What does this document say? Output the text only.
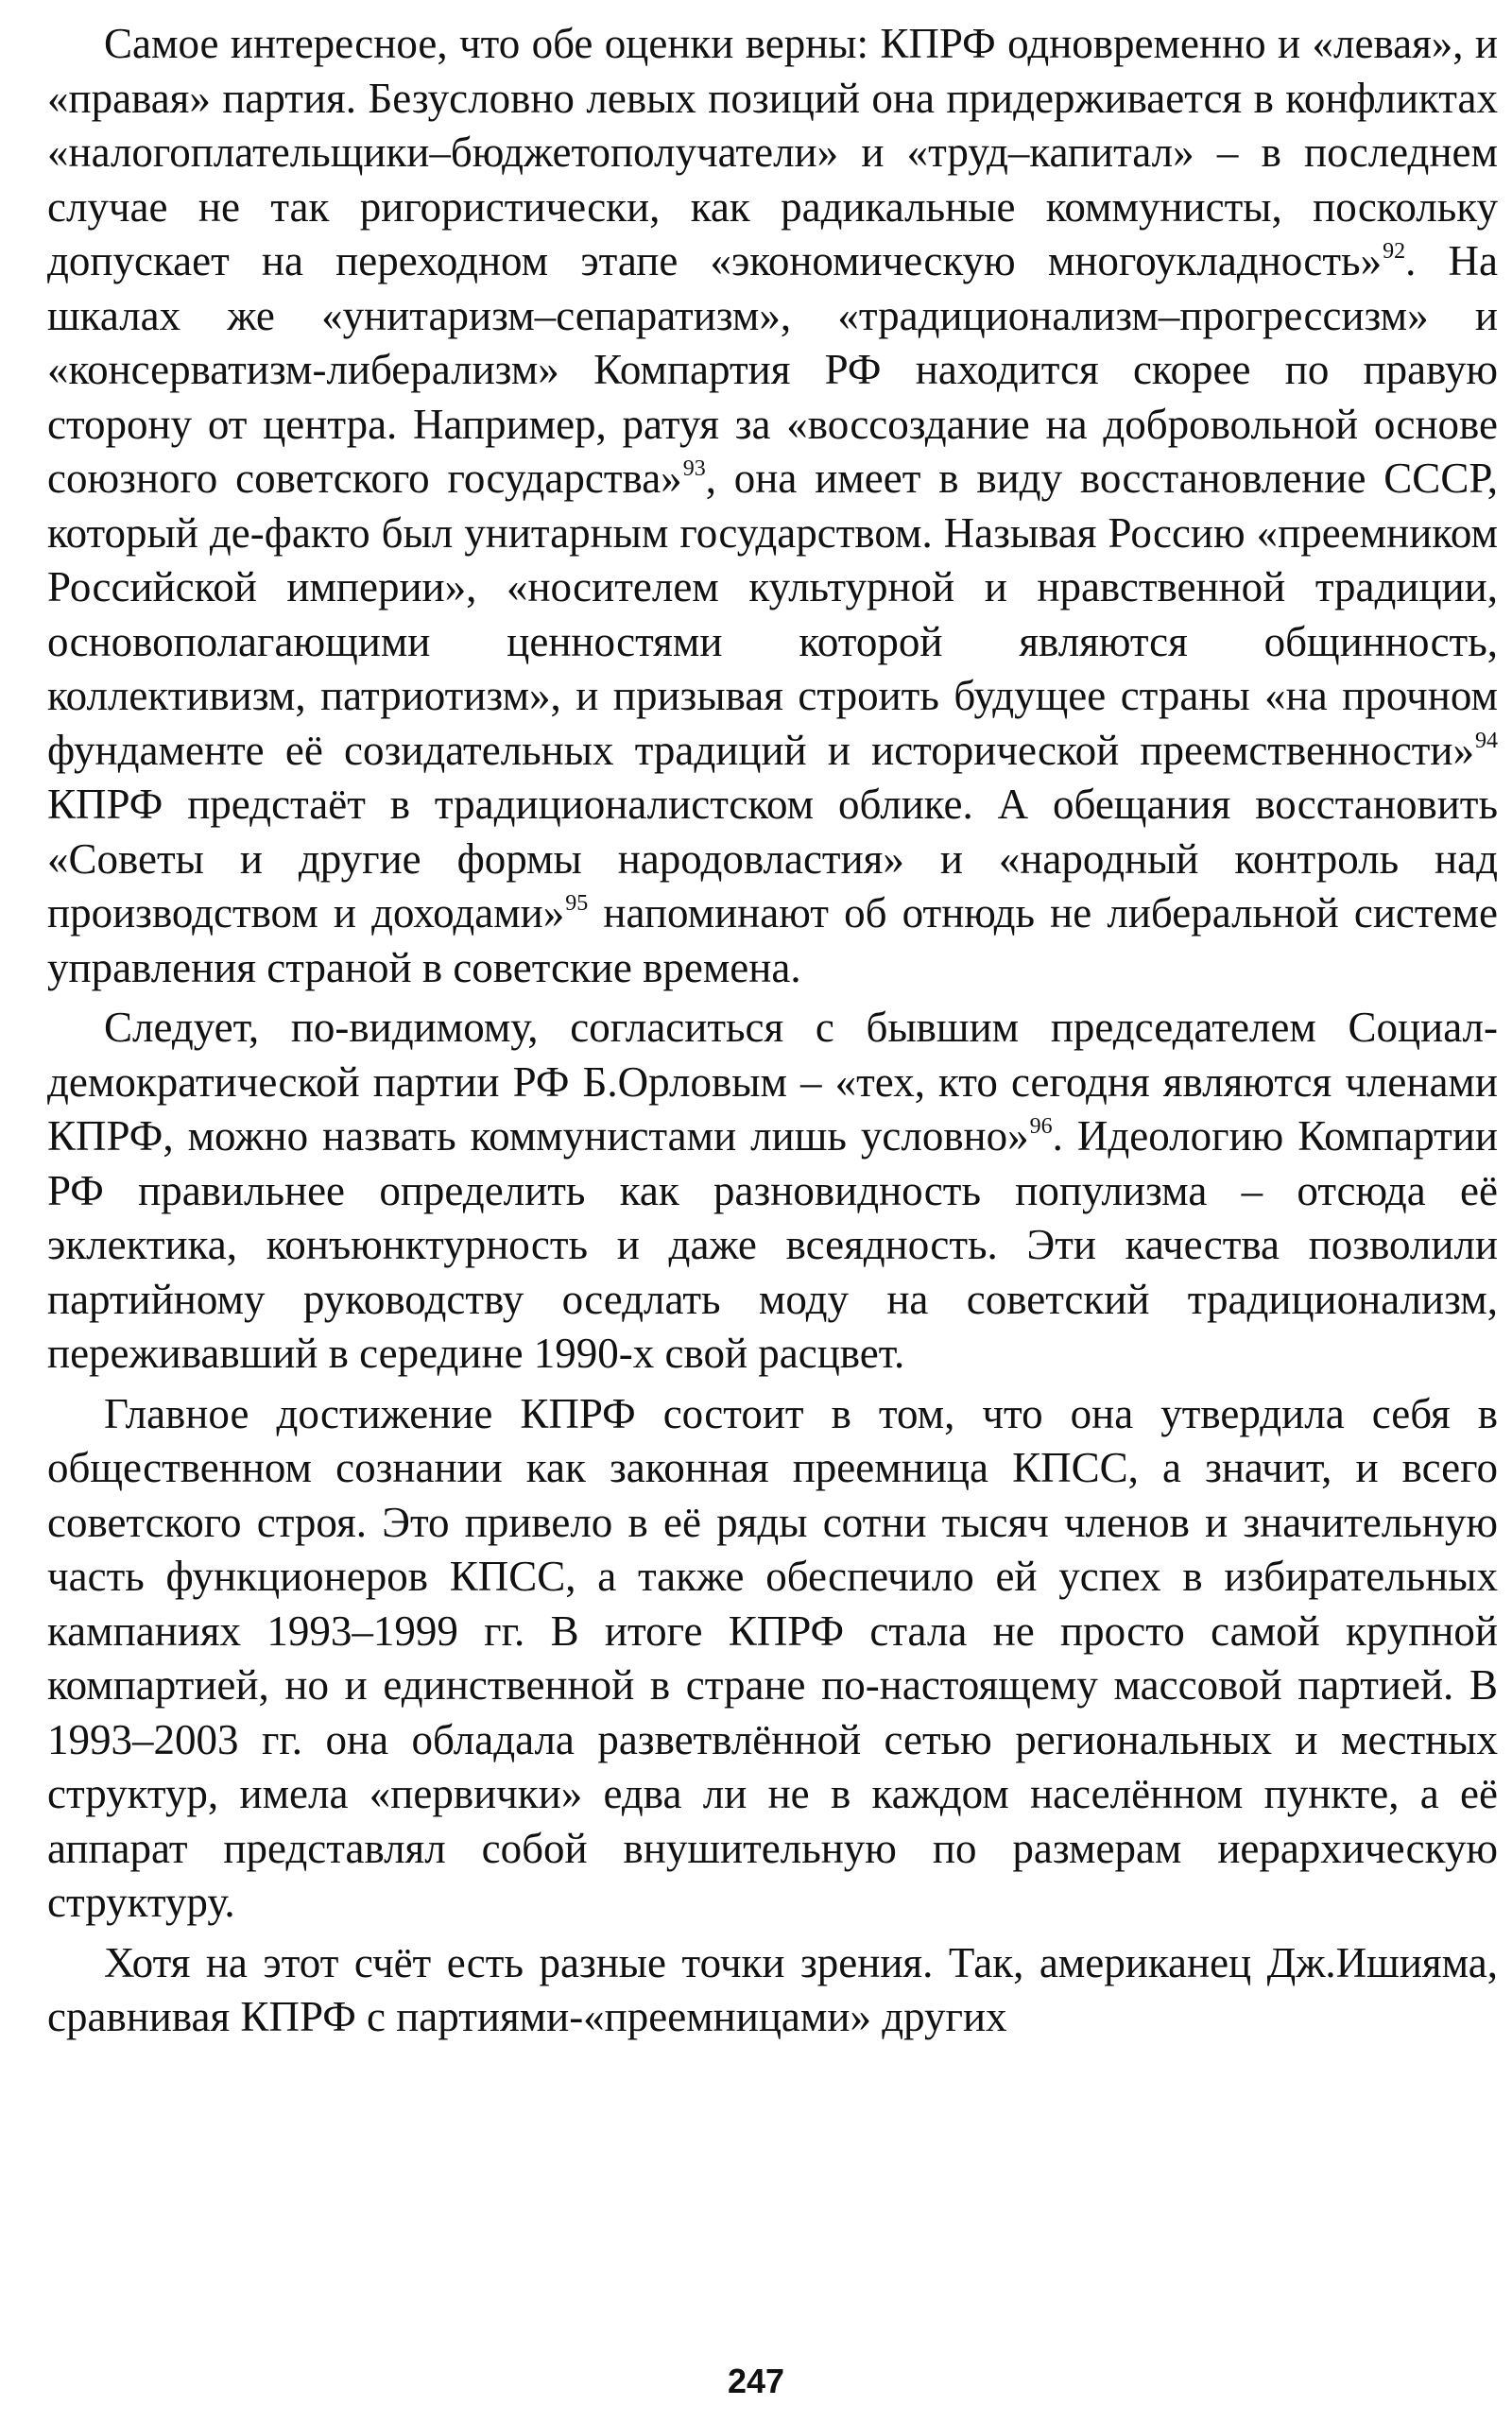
Самое интересное, что обе оценки верны: КПРФ одновременно и «левая», и «правая» партия. Безусловно левых позиций она придерживается в конфликтах «налогоплательщики–бюджетополучатели» и «труд–капитал» – в последнем случае не так ригористически, как радикальные коммунисты, поскольку допускает на переходном этапе «экономическую многоукладность»$^{92}$. На шкалах же «унитаризм–сепаратизм», «традиционализм–прогрессизм» и «консерватизм-либерализм» Компартия РФ находится скорее по правую сторону от центра. Например, ратуя за «воссоздание на добровольной основе союзного советского государства»$^{93}$, она имеет в виду восстановление СССР, который де-факто был унитарным государством. Называя Россию «преемником Российской империи», «носителем культурной и нравственной традиции, основополагающими ценностями которой являются общинность, коллективизм, патриотизм», и призывая строить будущее страны «на прочном фундаменте её созидательных традиций и исторической преемственности»$^{94}$ КПРФ предстаёт в традиционалистском облике. А обещания восстановить «Советы и другие формы народовластия» и «народный контроль над производством и доходами»$^{95}$ напоминают об отнюдь не либеральной системе управления страной в советские времена.

Следует, по-видимому, согласиться с бывшим председателем Социал-демократической партии РФ Б.Орловым – «тех, кто сегодня являются членами КПРФ, можно назвать коммунистами лишь условно»$^{96}$. Идеологию Компартии РФ правильнее определить как разновидность популизма – отсюда её эклектика, конъюнктурность и даже всеядность. Эти качества позволили партийному руководству оседлать моду на советский традиционализм, переживавший в середине 1990-х свой расцвет.

Главное достижение КПРФ состоит в том, что она утвердила себя в общественном сознании как законная преемница КПСС, а значит, и всего советского строя. Это привело в её ряды сотни тысяч членов и значительную часть функционеров КПСС, а также обеспечило ей успех в избирательных кампаниях 1993–1999 гг. В итоге КПРФ стала не просто самой крупной компартией, но и единственной в стране по-настоящему массовой партией. В 1993–2003 гг. она обладала разветвлённой сетью региональных и местных структур, имела «первички» едва ли не в каждом населённом пункте, а её аппарат представлял собой внушительную по размерам иерархическую структуру.

Хотя на этот счёт есть разные точки зрения. Так, американец Дж.Ишияма, сравнивая КПРФ с партиями-«преемницами» других

247
